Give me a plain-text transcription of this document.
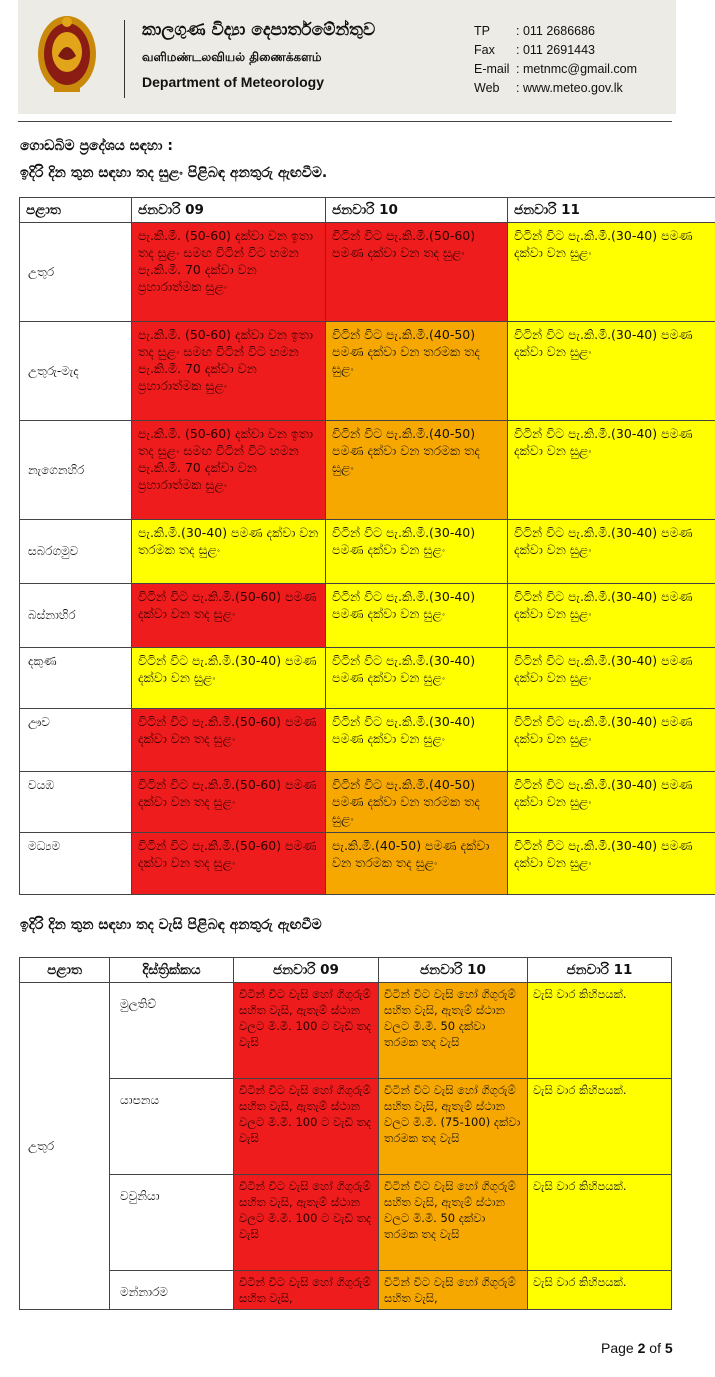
කාලගුණ විද්‍යා දෙපාර්තමේන්තුව
வளிமண்டலவியல் திணைக்களம்
Department of Meteorology
TP : 011 2686686
Fax : 011 2691443
E-mail : metnmc@gmail.com
Web : www.meteo.gov.lk
ගොඩබිම ප්‍රදේශය සඳහා :
ඉදිරි දින තුන සඳහා තද සුළං පිළිබඳ අනතුරු ඇඟවීම.
පළාත	ජනවාරි 09	ජනවාරි 10	ජනවාරි 11
උතුර	පැ.කි.මී. (50-60) දක්වා වන ඉතා තද සුළං සමඟ විටින් විට හමන පැ.කි.මී. 70 දක්වා වන ප්‍රහාරාත්මක සුළං	විටින් විට පැ.කි.මී.(50-60) පමණ දක්වා වන තද සුළං	විටින් විට පැ.කි.මී.(30-40) පමණ දක්වා වන සුළං
උතුරු-මැද	පැ.කි.මී. (50-60) දක්වා වන ඉතා තද සුළං සමඟ විටින් විට හමන පැ.කි.මී. 70 දක්වා වන ප්‍රහාරාත්මක සුළං	විටින් විට පැ.කි.මී.(40-50) පමණ දක්වා වන තරමක තද සුළං	විටින් විට පැ.කි.මී.(30-40) පමණ දක්වා වන සුළං
නැගෙනහිර	පැ.කි.මී. (50-60) දක්වා වන ඉතා තද සුළං සමඟ විටින් විට හමන පැ.කි.මී. 70 දක්වා වන ප්‍රහාරාත්මක සුළං	විටින් විට පැ.කි.මී.(40-50) පමණ දක්වා වන තරමක තද සුළං	විටින් විට පැ.කි.මී.(30-40) පමණ දක්වා වන සුළං
සබරගමුව	පැ.කි.මී.(30-40) පමණ දක්වා වන තරමක තද සුළං	විටින් විට පැ.කි.මී.(30-40) පමණ දක්වා වන සුළං	විටින් විට පැ.කි.මී.(30-40) පමණ දක්වා වන සුළං
බස්නාහිර	විටින් විට පැ.කි.මී.(50-60) පමණ දක්වා වන තද සුළං	විටින් විට පැ.කි.මී.(30-40) පමණ දක්වා වන සුළං	විටින් විට පැ.කි.මී.(30-40) පමණ දක්වා වන සුළං
දකුණ	විටින් විට පැ.කි.මී.(30-40) පමණ දක්වා වන සුළං	විටින් විට පැ.කි.මී.(30-40) පමණ දක්වා වන සුළං	විටින් විට පැ.කි.මී.(30-40) පමණ දක්වා වන සුළං
ඌව	විටින් විට පැ.කි.මී.(50-60) පමණ දක්වා වන තද සුළං	විටින් විට පැ.කි.මී.(30-40) පමණ දක්වා වන සුළං	විටින් විට පැ.කි.මී.(30-40) පමණ දක්වා වන සුළං
වයඹ	විටින් විට පැ.කි.මී.(50-60) පමණ දක්වා වන තද සුළං	විටින් විට පැ.කි.මී.(40-50) පමණ දක්වා වන තරමක තද සුළං	විටින් විට පැ.කි.මී.(30-40) පමණ දක්වා වන සුළං
මධ්‍යම	විටින් විට පැ.කි.මී.(50-60) පමණ දක්වා වන තද සුළං	පැ.කි.මී.(40-50) පමණ දක්වා වන තරමක තද සුළං	විටින් විට පැ.කි.මී.(30-40) පමණ දක්වා වන සුළං
ඉදිරි දින තුන සඳහා තද වැසි පිළිබඳ අනතුරු ඇඟවීම
පළාත	දිස්ත්‍රික්කය	ජනවාරි 09	ජනවාරි 10	ජනවාරි 11
උතුර	මුලතිව්	විටින් විට වැසි හෝ ගිගුරුම් සහිත වැසි, ඇතැම් ස්ථාන වලට මි.මී. 100 ට වැඩි තද වැසි	විටින් විට වැසි හෝ ගිගුරුම් සහිත වැසි, ඇතැම් ස්ථාන වලට මි.මී. 50 දක්වා තරමක තද වැසි	වැසි වාර කිහිපයක්.
	යාපනය	විටින් විට වැසි හෝ ගිගුරුම් සහිත වැසි, ඇතැම් ස්ථාන වලට මි.මී. 100 ට වැඩි තද වැසි	විටින් විට වැසි හෝ ගිගුරුම් සහිත වැසි, ඇතැම් ස්ථාන වලට මි.මී. (75-100) දක්වා තරමක තද වැසි	වැසි වාර කිහිපයක්.
	වවුනියා	විටින් විට වැසි හෝ ගිගුරුම් සහිත වැසි, ඇතැම් ස්ථාන වලට මි.මී. 100 ට වැඩි තද වැසි	විටින් විට වැසි හෝ ගිගුරුම් සහිත වැසි, ඇතැම් ස්ථාන වලට මි.මී. 50 දක්වා තරමක තද වැසි	වැසි වාර කිහිපයක්.
	මන්නාරම	විටින් විට වැසි හෝ ගිගුරුම් සහිත වැසි,	විටින් විට වැසි හෝ ගිගුරුම් සහිත වැසි,	වැසි වාර කිහිපයක්.
Page 2 of 5
